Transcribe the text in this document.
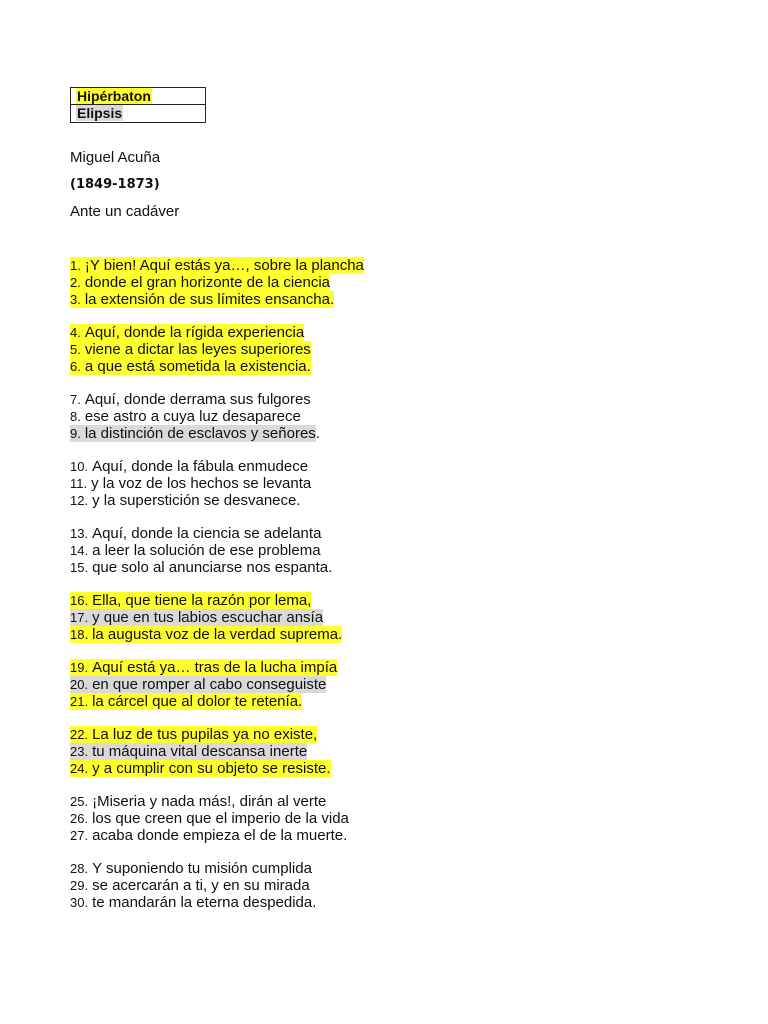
Hipérbaton
Elipsis
Miguel Acuña
(1849-1873)
Ante un cadáver
1. ¡Y bien! Aquí estás ya…, sobre la plancha
2. donde el gran horizonte de la ciencia
3. la extensión de sus límites ensancha.
4. Aquí, donde la rígida experiencia
5. viene a dictar las leyes superiores
6. a que está sometida la existencia.
7. Aquí, donde derrama sus fulgores
8. ese astro a cuya luz desaparece
9. la distinción de esclavos y señores.
10. Aquí, donde la fábula enmudece
11. y la voz de los hechos se levanta
12. y la superstición se desvanece.
13. Aquí, donde la ciencia se adelanta
14. a leer la solución de ese problema
15. que solo al anunciarse nos espanta.
16. Ella, que tiene la razón por lema,
17. y que en tus labios escuchar ansía
18. la augusta voz de la verdad suprema.
19. Aquí está ya… tras de la lucha impía
20. en que romper al cabo conseguiste
21. la cárcel que al dolor te retenía.
22. La luz de tus pupilas ya no existe,
23. tu máquina vital descansa inerte
24. y a cumplir con su objeto se resiste.
25. ¡Miseria y nada más!, dirán al verte
26. los que creen que el imperio de la vida
27. acaba donde empieza el de la muerte.
28. Y suponiendo tu misión cumplida
29. se acercarán a ti, y en su mirada
30. te mandarán la eterna despedida.
